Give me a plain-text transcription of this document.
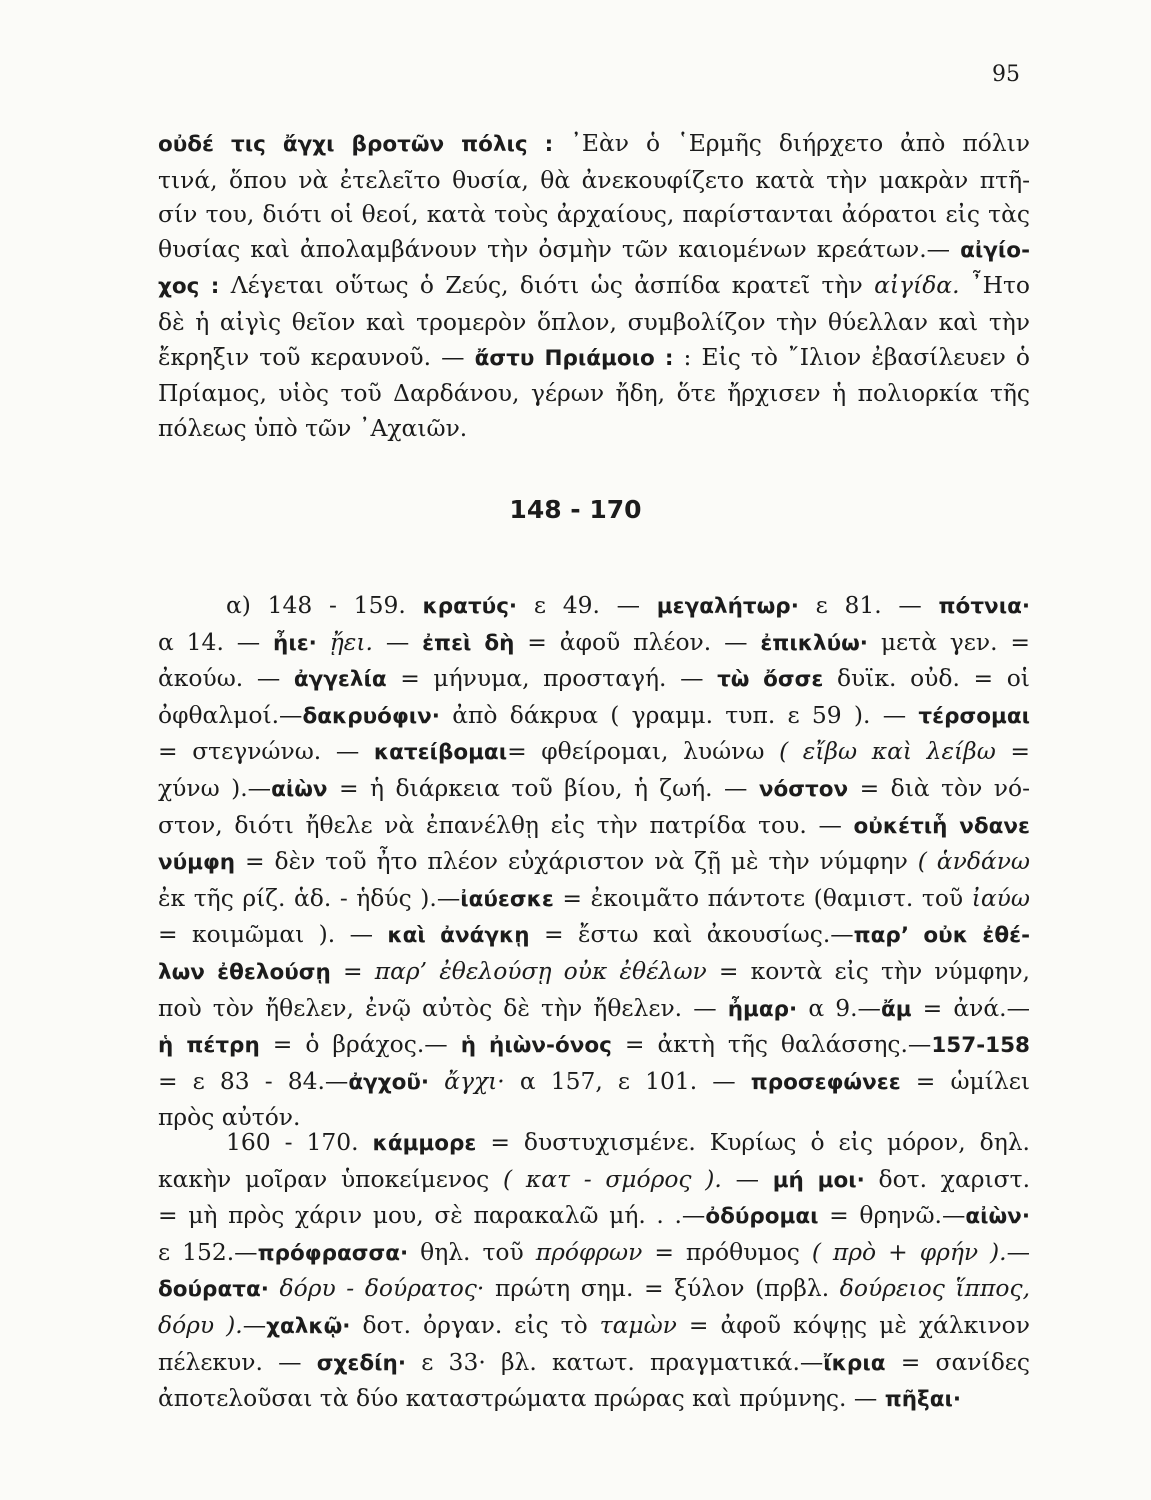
95

οὐδέ τις ἄγχι βροτῶν πόλις : ᾿Εὰν ὁ ῾Ερμῆς διήρχετο ἀπὸ πόλιν
τινά, ὅπου νὰ ἐτελεῖτο θυσία, θὰ ἀνεκουφίζετο κατὰ τὴν μακρὰν πτῆ-
σίν του, διότι οἱ θεοί, κατὰ τοὺς ἀρχαίους, παρίστανται ἀόρατοι εἰς τὰς
θυσίας καὶ ἀπολαμβάνουν τὴν ὀσμὴν τῶν καιομένων κρεάτων.— αἰγίο-
χος : Λέγεται οὕτως ὁ Ζεύς, διότι ὡς ἀσπίδα κρατεῖ τὴν αἰγίδα. ῏Ητο
δὲ ἡ αἰγὶς θεῖον καὶ τρομερὸν ὅπλον, συμβολίζον τὴν θύελλαν καὶ τὴν
ἔκρηξιν τοῦ κεραυνοῦ. — ἄστυ Πριάμοιο : : Εἰς τὸ ῎Ιλιον ἐβασίλευεν ὁ
Πρίαμος, υἱὸς τοῦ Δαρδάνου, γέρων ἤδη, ὅτε ἤρχισεν ἡ πολιορκία τῆς
πόλεως ὑπὸ τῶν ᾿Αχαιῶν.

148 - 170

α) 148 - 159. κρατύς· ε 49. — μεγαλήτωρ· ε 81. — πότνια·
α 14. — ἦιε· ᾔει. — ἐπεὶ δὴ = ἀφοῦ πλέον. — ἐπικλύω· μετὰ γεν. =
ἀκούω. — ἀγγελία = μήνυμα, προσταγή. — τὼ ὄσσε δυϊκ. οὐδ. = οἱ
ὀφθαλμοί.—δακρυόφιν· ἀπὸ δάκρυα ( γραμμ. τυπ. ε 59 ). — τέρσομαι
= στεγνώνω. — κατείβομαι= φθείρομαι, λυώνω ( εἴβω καὶ λείβω =
χύνω ).—αἰὼν = ἡ διάρκεια τοῦ βίου, ἡ ζωή. — νόστον = διὰ τὸν νό-
στον, διότι ἤθελε νὰ ἐπανέλθῃ εἰς τὴν πατρίδα του. — οὐκέτιἧ νδανε
νύμφη = δὲν τοῦ ἦτο πλέον εὐχάριστον νὰ ζῇ μὲ τὴν νύμφην ( ἁνδάνω
ἐκ τῆς ρίζ. ἁδ. - ἡδύς ).—ἰαύεσκε = ἐκοιμᾶτο πάντοτε (θαμιστ. τοῦ ἰαύω
= κοιμῶμαι ). — καὶ ἀνάγκῃ = ἔστω καὶ ἀκουσίως.—παρ’ οὐκ ἐθέ-
λων ἐθελούσῃ = παρ’ ἐθελούσῃ οὐκ ἐθέλων = κοντὰ εἰς τὴν νύμφην,
ποὺ τὸν ἤθελεν, ἐνῷ αὐτὸς δὲ τὴν ἤθελεν. — ἦμαρ· α 9.—ἄμ = ἀνά.—
ἡ πέτρη = ὁ βράχος.— ἡ ἠιὼν-όνος = ἀκτὴ τῆς θαλάσσης.—157-158
= ε 83 - 84.—ἀγχοῦ· ἄγχι· α 157, ε 101. — προσεφώνεε = ὡμίλει
πρὸς αὐτόν.

160 - 170. κάμμορε = δυστυχισμένε. Κυρίως ὁ εἰς μόρον, δηλ.
κακὴν μοῖραν ὑποκείμενος ( κατ - σμόρος ). — μή μοι· δοτ. χαριστ.
= μὴ πρὸς χάριν μου, σὲ παρακαλῶ μή. . .—ὀδύρομαι = θρηνῶ.—αἰὼν·
ε 152.—πρόφρασσα· θηλ. τοῦ πρόφρων = πρόθυμος ( πρὸ + φρήν ).—
δούρατα· δόρυ - δούρατος· πρώτη σημ. = ξύλον (πρβλ. δούρειος ἵππος,
δόρυ ).—χαλκῷ· δοτ. ὀργαν. εἰς τὸ ταμὼν = ἀφοῦ κόψῃς μὲ χάλκινον
πέλεκυν. — σχεδίη· ε 33· βλ. κατωτ. πραγματικά.—ἴκρια = σανίδες
ἀποτελοῦσαι τὰ δύο καταστρώματα πρώρας καὶ πρύμνης. — πῆξαι·
